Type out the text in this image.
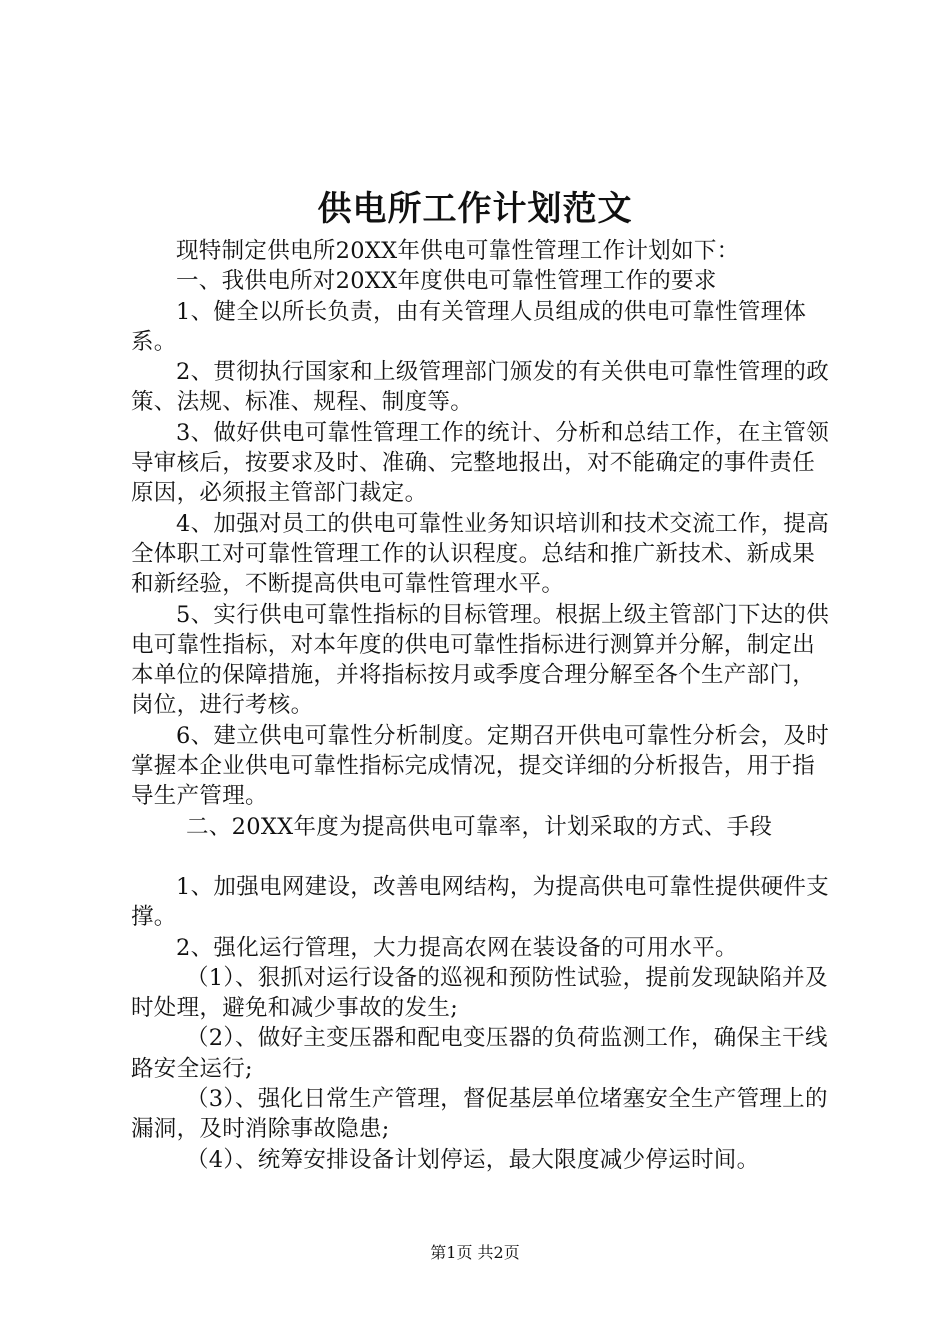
供电所工作计划范文

现特制定供电所20XX年供电可靠性管理工作计划如下：

一、我供电所对20XX年度供电可靠性管理工作的要求

1、健全以所长负责，由有关管理人员组成的供电可靠性管理体系。

2、贯彻执行国家和上级管理部门颁发的有关供电可靠性管理的政策、法规、标准、规程、制度等。

3、做好供电可靠性管理工作的统计、分析和总结工作，在主管领导审核后，按要求及时、准确、完整地报出，对不能确定的事件责任原因，必须报主管部门裁定。

4、加强对员工的供电可靠性业务知识培训和技术交流工作，提高全体职工对可靠性管理工作的认识程度。总结和推广新技术、新成果和新经验，不断提高供电可靠性管理水平。

5、实行供电可靠性指标的目标管理。根据上级主管部门下达的供电可靠性指标，对本年度的供电可靠性指标进行测算并分解，制定出本单位的保障措施，并将指标按月或季度合理分解至各个生产部门，岗位，进行考核。

6、建立供电可靠性分析制度。定期召开供电可靠性分析会，及时掌握本企业供电可靠性指标完成情况，提交详细的分析报告，用于指导生产管理。

二、20XX年度为提高供电可靠率，计划采取的方式、手段

1、加强电网建设，改善电网结构，为提高供电可靠性提供硬件支撑。

2、强化运行管理，大力提高农网在装设备的可用水平。

（1）、狠抓对运行设备的巡视和预防性试验，提前发现缺陷并及时处理，避免和减少事故的发生;

（2）、做好主变压器和配电变压器的负荷监测工作，确保主干线路安全运行;

（3）、强化日常生产管理，督促基层单位堵塞安全生产管理上的漏洞，及时消除事故隐患;

（4）、统筹安排设备计划停运，最大限度减少停运时间。

第1页 共2页
